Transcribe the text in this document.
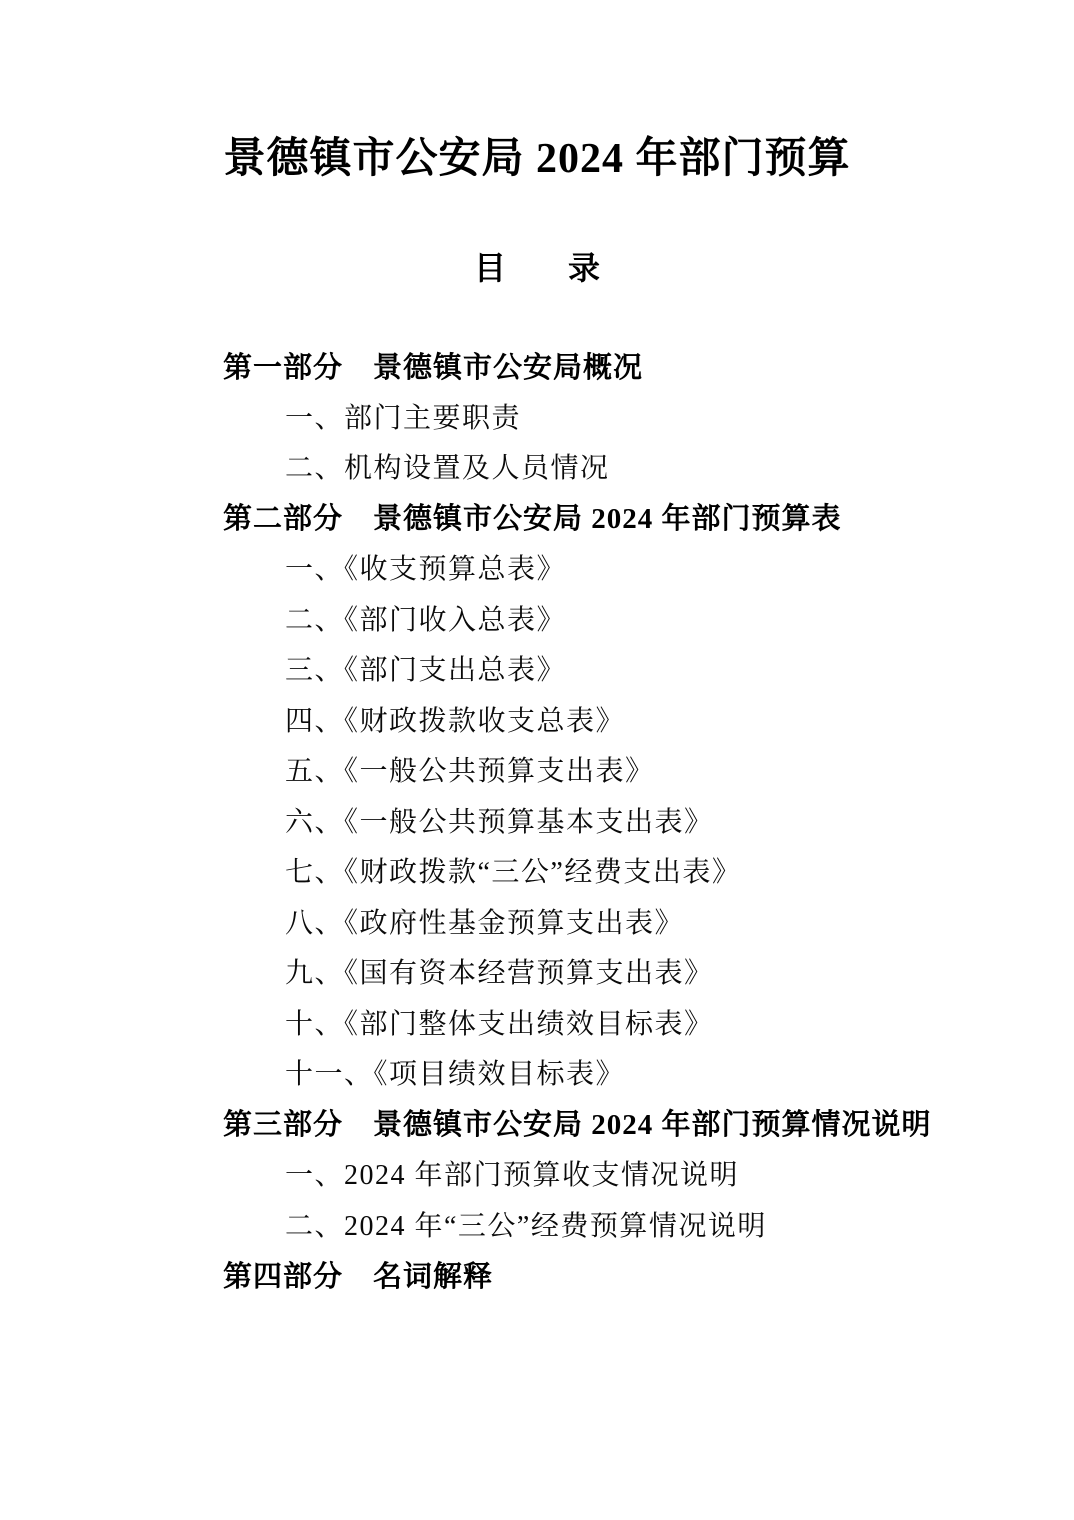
景德镇市公安局 2024 年部门预算
目 录
第一部分 景德镇市公安局概况
一、部门主要职责
二、机构设置及人员情况
第二部分 景德镇市公安局 2024 年部门预算表
一、《收支预算总表》
二、《部门收入总表》
三、《部门支出总表》
四、《财政拨款收支总表》
五、《一般公共预算支出表》
六、《一般公共预算基本支出表》
七、《财政拨款“三公”经费支出表》
八、《政府性基金预算支出表》
九、《国有资本经营预算支出表》
十、《部门整体支出绩效目标表》
十一、《项目绩效目标表》
第三部分 景德镇市公安局 2024 年部门预算情况说明
一、2024 年部门预算收支情况说明
二、2024 年“三公”经费预算情况说明
第四部分 名词解释
